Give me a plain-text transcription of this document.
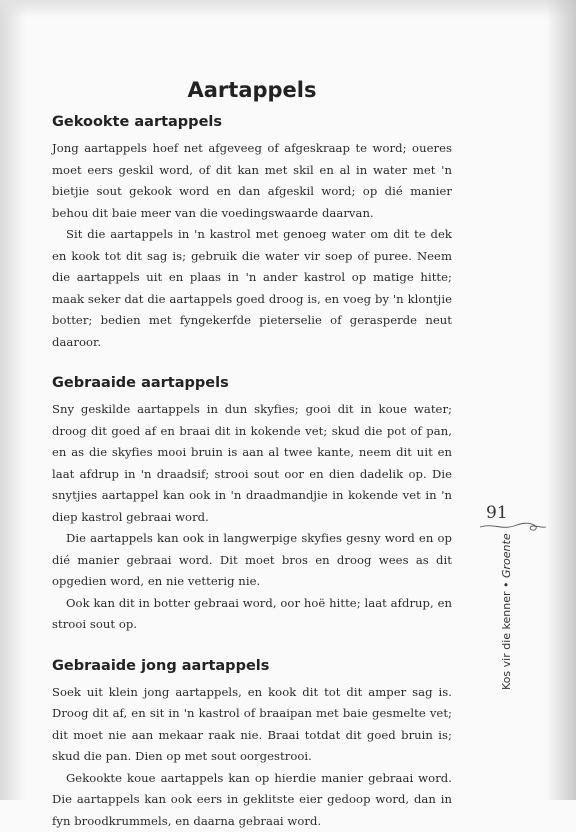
Aartappels
Gekookte aartappels

Jong aartappels hoef net afgeveeg of afgeskraap te word; oueres moet eers geskil word, of dit kan met skil en al in water met 'n bietjie sout gekook word en dan afgeskil word; op dié manier behou dit baie meer van die voedingswaarde daarvan.

Sit die aartappels in 'n kastrol met genoeg water om dit te dek en kook tot dit sag is; gebruik die water vir soep of puree. Neem die aartappels uit en plaas in 'n ander kastrol op matige hitte; maak seker dat die aartappels goed droog is, en voeg by 'n klontjie botter; bedien met fyngekerfde pieterselie of gerasperde neut daaroor.

Gebraaide aartappels

Sny geskilde aartappels in dun skyfies; gooi dit in koue water; droog dit goed af en braai dit in kokende vet; skud die pot of pan, en as die skyfies mooi bruin is aan al twee kante, neem dit uit en laat afdrup in 'n draadsif; strooi sout oor en dien dadelik op. Die snytjies aartappel kan ook in 'n draadmandjie in kokende vet in 'n diep kastrol gebraai word.

Die aartappels kan ook in langwerpige skyfies gesny word en op dié manier gebraai word. Dit moet bros en droog wees as dit opgedien word, en nie vetterig nie.

Ook kan dit in botter gebraai word, oor hoë hitte; laat afdrup, en strooi sout op.

Gebraaide jong aartappels

Soek uit klein jong aartappels, en kook dit tot dit amper sag is. Droog dit af, en sit in 'n kastrol of braaipan met baie gesmelte vet; dit moet nie aan mekaar raak nie. Braai totdat dit goed bruin is; skud die pan. Dien op met sout oorgestrooi.

Gekookte koue aartappels kan op hierdie manier gebraai word. Die aartappels kan ook eers in geklitste eier gedoop word, dan in fyn broodkrummels, en daarna gebraai word.

91
Kos vir die kenner • Groente
